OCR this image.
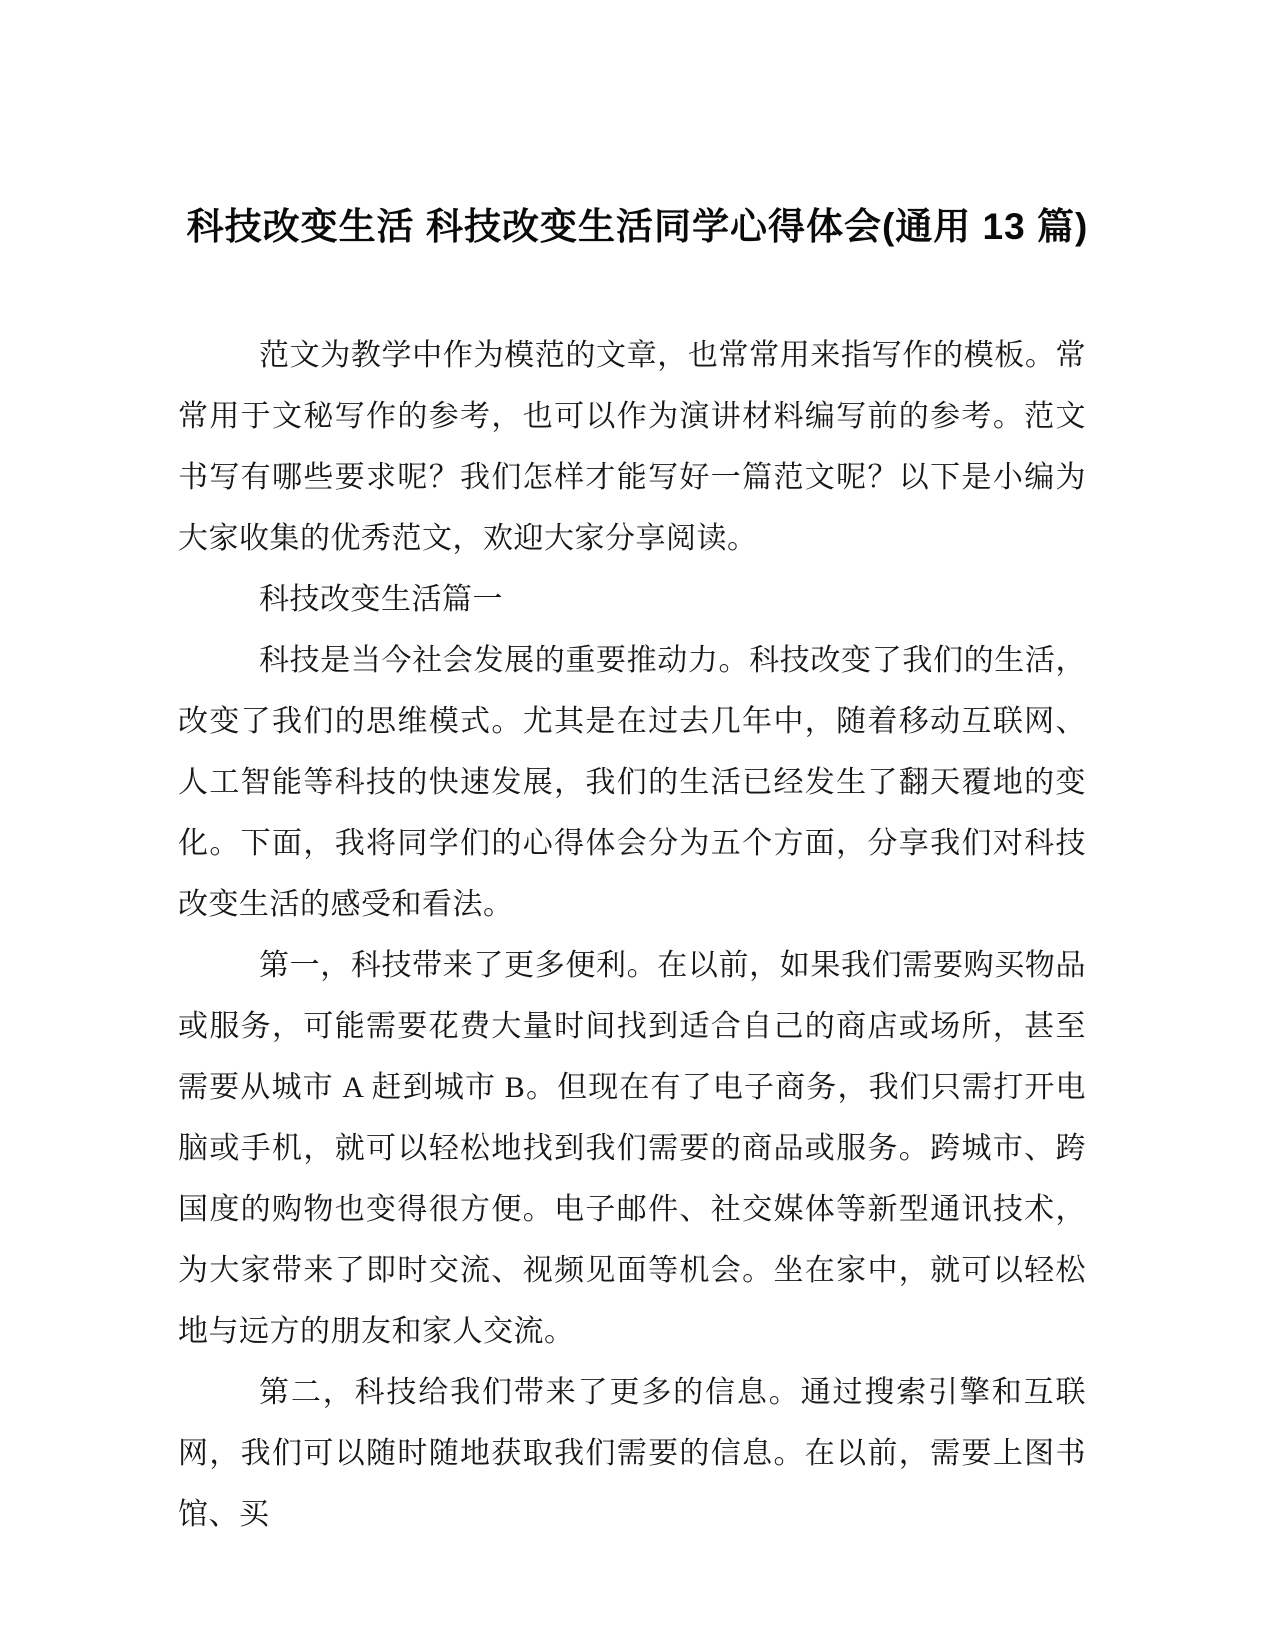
科技改变生活 科技改变生活同学心得体会(通用 13 篇)

范文为教学中作为模范的文章，也常常用来指写作的模板。常常用于文秘写作的参考，也可以作为演讲材料编写前的参考。范文书写有哪些要求呢？我们怎样才能写好一篇范文呢？以下是小编为大家收集的优秀范文，欢迎大家分享阅读。

科技改变生活篇一

科技是当今社会发展的重要推动力。科技改变了我们的生活，改变了我们的思维模式。尤其是在过去几年中，随着移动互联网、人工智能等科技的快速发展，我们的生活已经发生了翻天覆地的变化。下面，我将同学们的心得体会分为五个方面，分享我们对科技改变生活的感受和看法。

第一，科技带来了更多便利。在以前，如果我们需要购买物品或服务，可能需要花费大量时间找到适合自己的商店或场所，甚至需要从城市 A 赶到城市 B。但现在有了电子商务，我们只需打开电脑或手机，就可以轻松地找到我们需要的商品或服务。跨城市、跨国度的购物也变得很方便。电子邮件、社交媒体等新型通讯技术，为大家带来了即时交流、视频见面等机会。坐在家中，就可以轻松地与远方的朋友和家人交流。

第二，科技给我们带来了更多的信息。通过搜索引擎和互联网，我们可以随时随地获取我们需要的信息。在以前，需要上图书馆、买
